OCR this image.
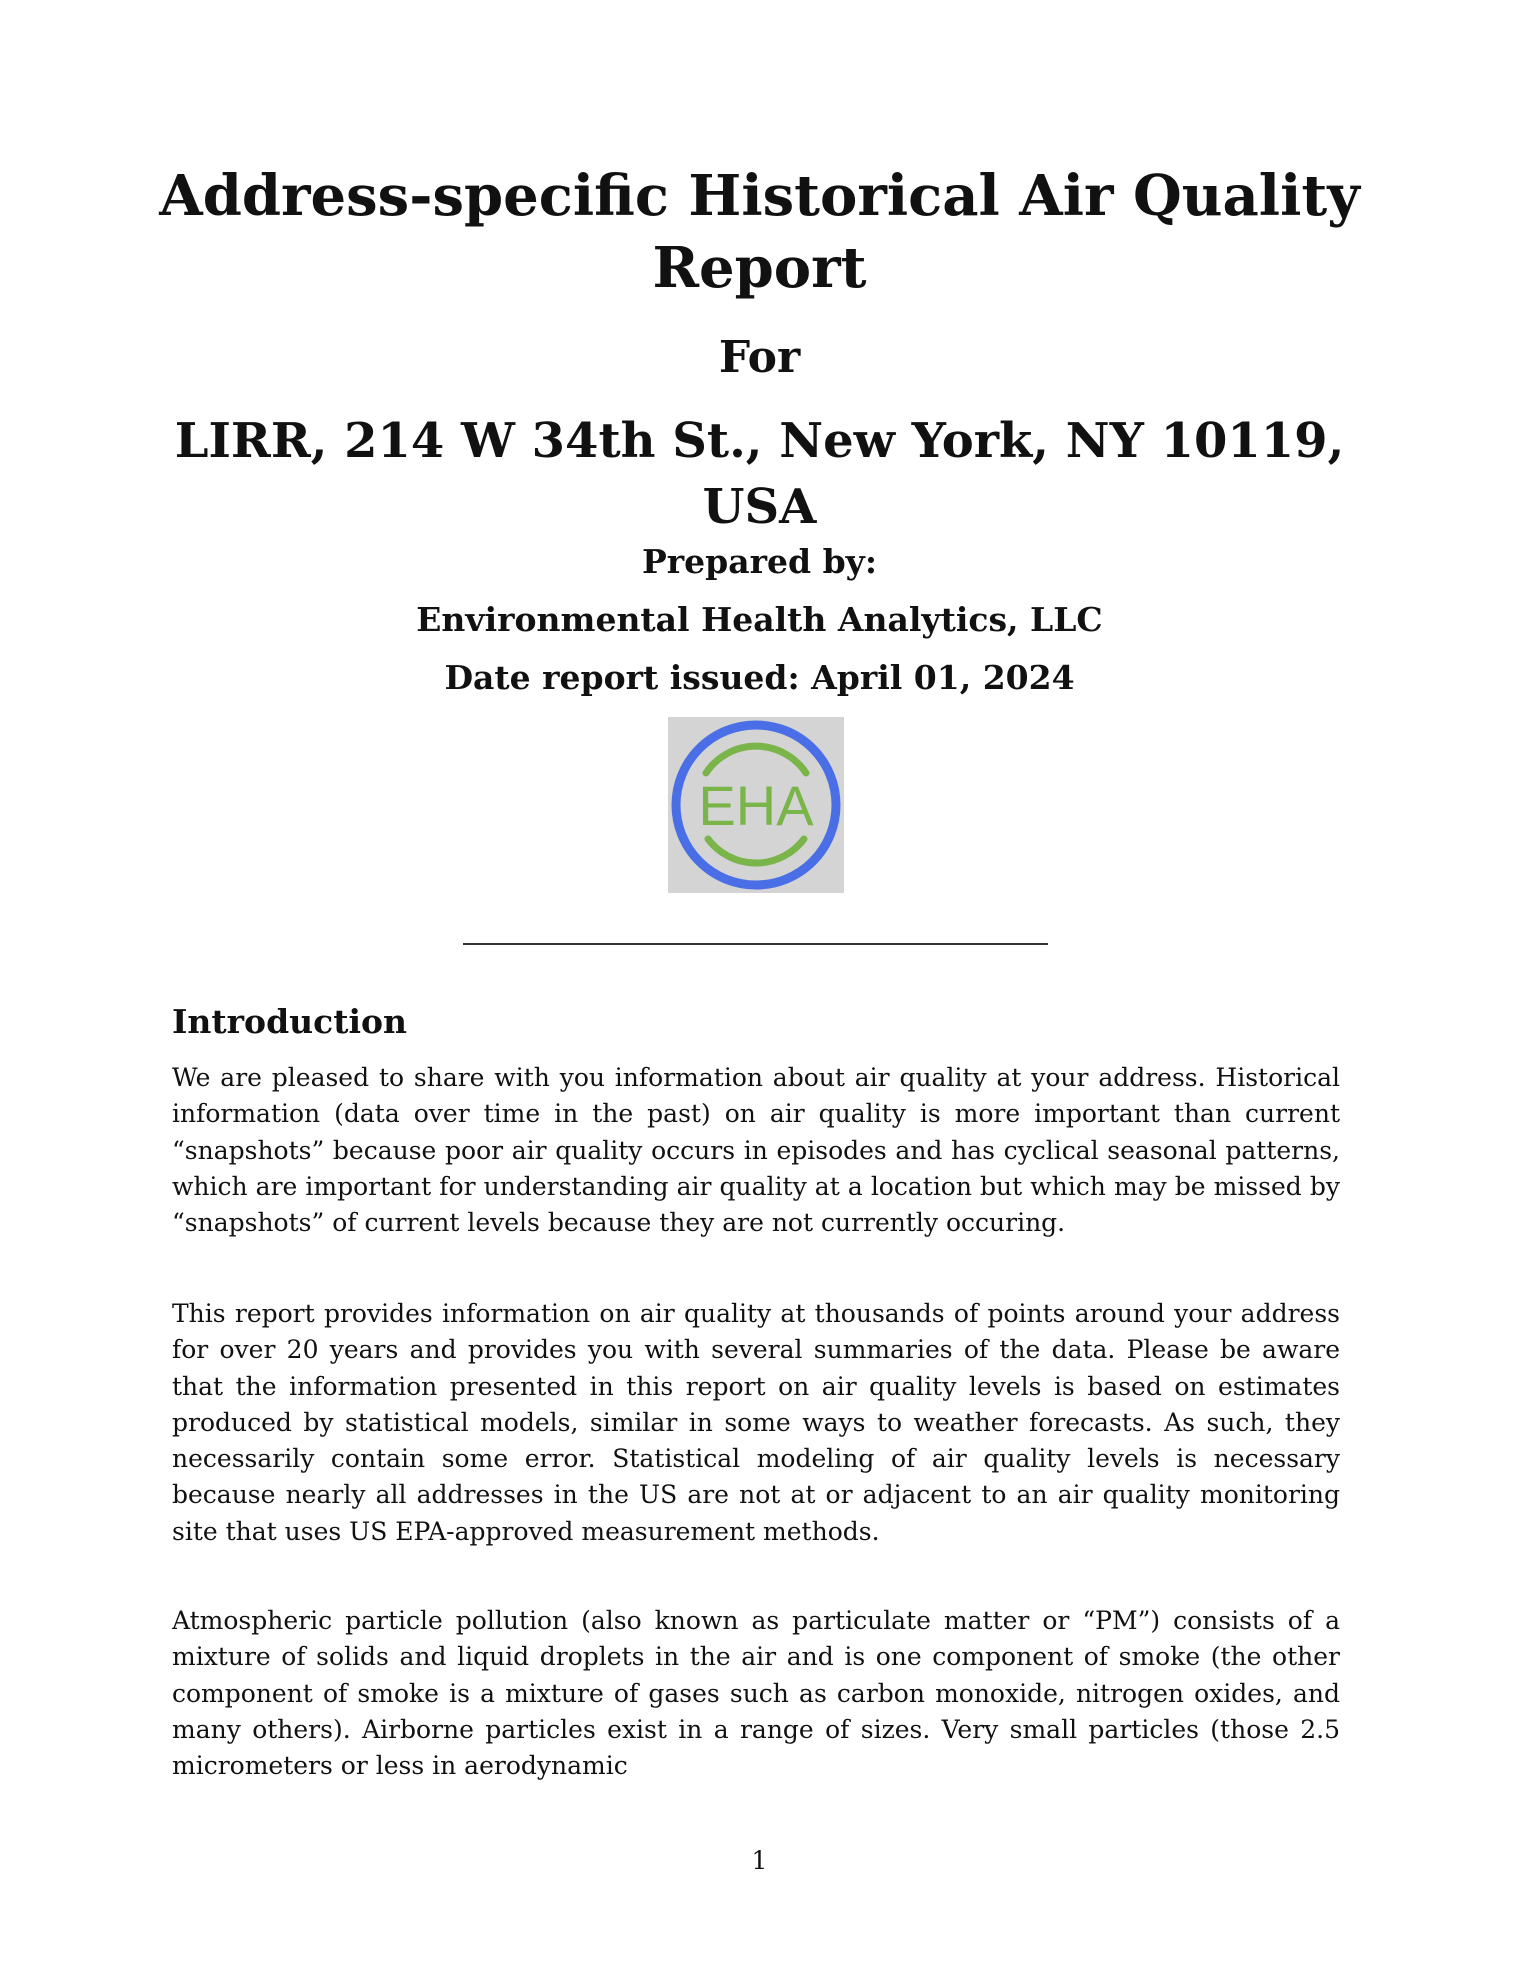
Address-specific Historical Air Quality Report
For
LIRR, 214 W 34th St., New York, NY 10119, USA
Prepared by:
Environmental Health Analytics, LLC
Date report issued: April 01, 2024
EHA
Introduction

We are pleased to share with you information about air quality at your address. Historical information (data over time in the past) on air quality is more important than current “snapshots” because poor air quality occurs in episodes and has cyclical seasonal patterns, which are important for understanding air quality at a location but which may be missed by “snapshots” of current levels because they are not currently occuring.

This report provides information on air quality at thousands of points around your address for over 20 years and provides you with several summaries of the data. Please be aware that the information presented in this report on air quality levels is based on estimates produced by statistical models, similar in some ways to weather forecasts. As such, they necessarily contain some error. Statistical modeling of air quality levels is necessary because nearly all addresses in the US are not at or adjacent to an air quality monitoring site that uses US EPA-approved measurement methods.

Atmospheric particle pollution (also known as particulate matter or “PM”) consists of a mixture of solids and liquid droplets in the air and is one component of smoke (the other component of smoke is a mixture of gases such as carbon monoxide, nitrogen oxides, and many others). Airborne particles exist in a range of sizes. Very small particles (those 2.5 micrometers or less in aerodynamic

1
